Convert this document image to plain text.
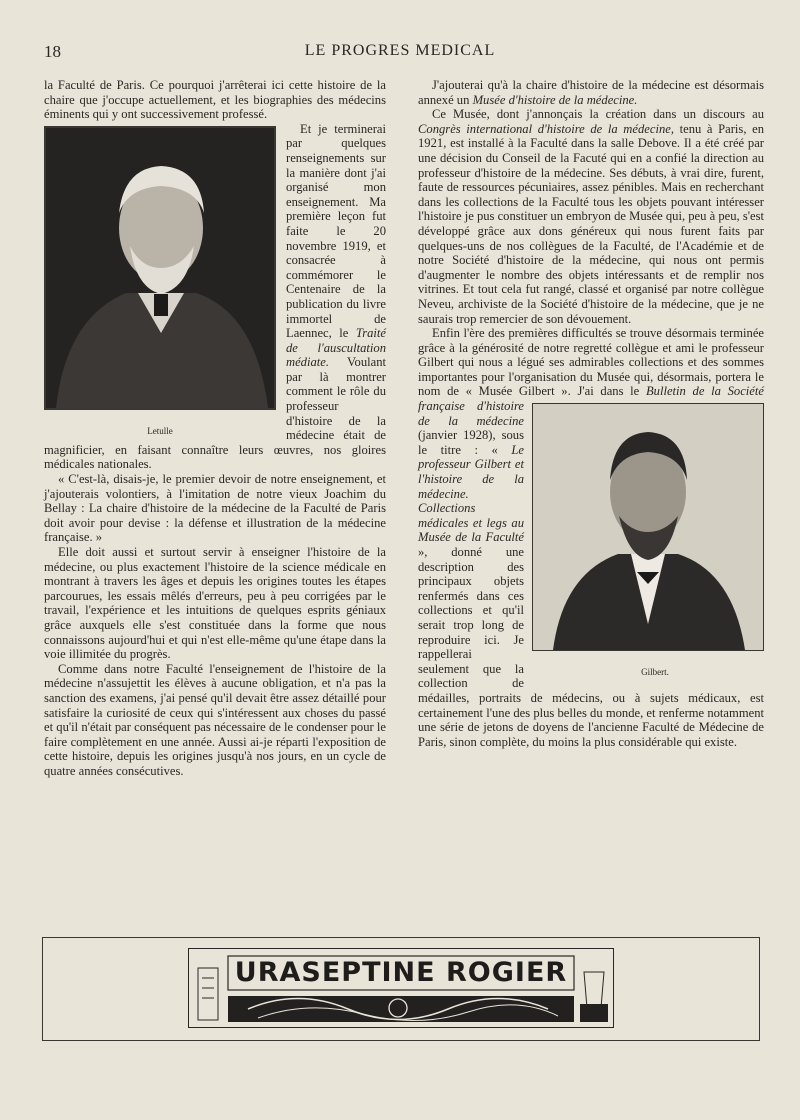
18	LE PROGRES MEDICAL

la Faculté de Paris. Ce pourquoi j'arrêterai ici cette histoire de la chaire que j'occupe actuellement, et les biographies des médecins éminents qui y ont successivement professé.

Letulle

Et je terminerai par quelques renseignements sur la manière dont j'ai organisé mon enseignement. Ma première leçon fut faite le 20 novembre 1919, et consacrée à commémorer le Centenaire de la publication du livre immortel de Laennec, le Traité de l'auscultation médiate. Voulant par là montrer comment le rôle du professeur d'histoire de la médecine était de magnificier, en faisant connaître leurs œuvres, nos gloires médicales nationales.

« C'est-là, disais-je, le premier devoir de notre enseignement, et j'ajouterais volontiers, à l'imitation de notre vieux Joachim du Bellay : La chaire d'histoire de la médecine de la Faculté de Paris doit avoir pour devise : la défense et illustration de la médecine française. »

Elle doit aussi et surtout servir à enseigner l'histoire de la médecine, ou plus exactement l'histoire de la science médicale en montrant à travers les âges et depuis les origines toutes les étapes parcourues, les essais mêlés d'erreurs, peu à peu corrigées par le travail, l'expérience et les intuitions de quelques esprits géniaux grâce auxquels elle s'est constituée dans la forme que nous connaissons aujourd'hui et qui n'est elle-même qu'une étape dans la voie illimitée du progrès.

Comme dans notre Faculté l'enseignement de l'histoire de la médecine n'assujettit les élèves à aucune obligation, et n'a pas la sanction des examens, j'ai pensé qu'il devait être assez détaillé pour satisfaire la curiosité de ceux qui s'intéressent aux choses du passé et qu'il n'était par conséquent pas nécessaire de le condenser pour le faire complètement en une année. Aussi ai-je réparti l'exposition de cette histoire, depuis les origines jusqu'à nos jours, en un cycle de quatre années consécutives.

J'ajouterai qu'à la chaire d'histoire de la médecine est désormais annexé un Musée d'histoire de la médecine.

Ce Musée, dont j'annonçais la création dans un discours au Congrès international d'histoire de la médecine, tenu à Paris, en 1921, est installé à la Faculté dans la salle Debove. Il a été créé par une décision du Conseil de la Facuté qui en a confié la direction au professeur d'histoire de la médecine. Ses débuts, à vrai dire, furent, faute de ressources pécuniaires, assez pénibles. Mais en recherchant dans les collections de la Faculté tous les objets pouvant intéresser l'histoire je pus constituer un embryon de Musée qui, peu à peu, s'est développé grâce aux dons généreux qui nous furent faits par quelques-uns de nos collègues de la Faculté, de l'Académie et de notre Société d'histoire de la médecine, qui nous ont permis d'augmenter le nombre des objets intéressants et de remplir nos vitrines. Et tout cela fut rangé, classé et organisé par notre collègue Neveu, archiviste de la Société d'histoire de la médecine, que je ne saurais trop remercier de son dévouement.

Enfin l'ère des premières difficultés se trouve désormais terminée grâce à la générosité de notre regretté collègue et ami le professeur Gilbert qui nous a légué ses admirables collections et des sommes importantes pour l'organisation du Musée qui, désormais, portera le nom de « Musée Gilbert ». J'ai dans le
Gilbert.
Bulletin de la Société française d'histoire de la médecine (janvier 1928), sous le titre : « Le professeur Gilbert et l'histoire de la médecine. Collections médicales et legs au Musée de la Faculté », donné une description des principaux objets renfermés dans ces collections et qu'il serait trop long de reproduire ici. Je rappellerai seulement que la collection de médailles, portraits de médecins, ou à sujets médicaux, est certainement l'une des plus belles du monde, et renferme notamment une série de jetons de doyens de l'ancienne Faculté de Médecine de Paris, sinon complète, du moins la plus considérable qui existe.

URASEPTINE ROGIER
